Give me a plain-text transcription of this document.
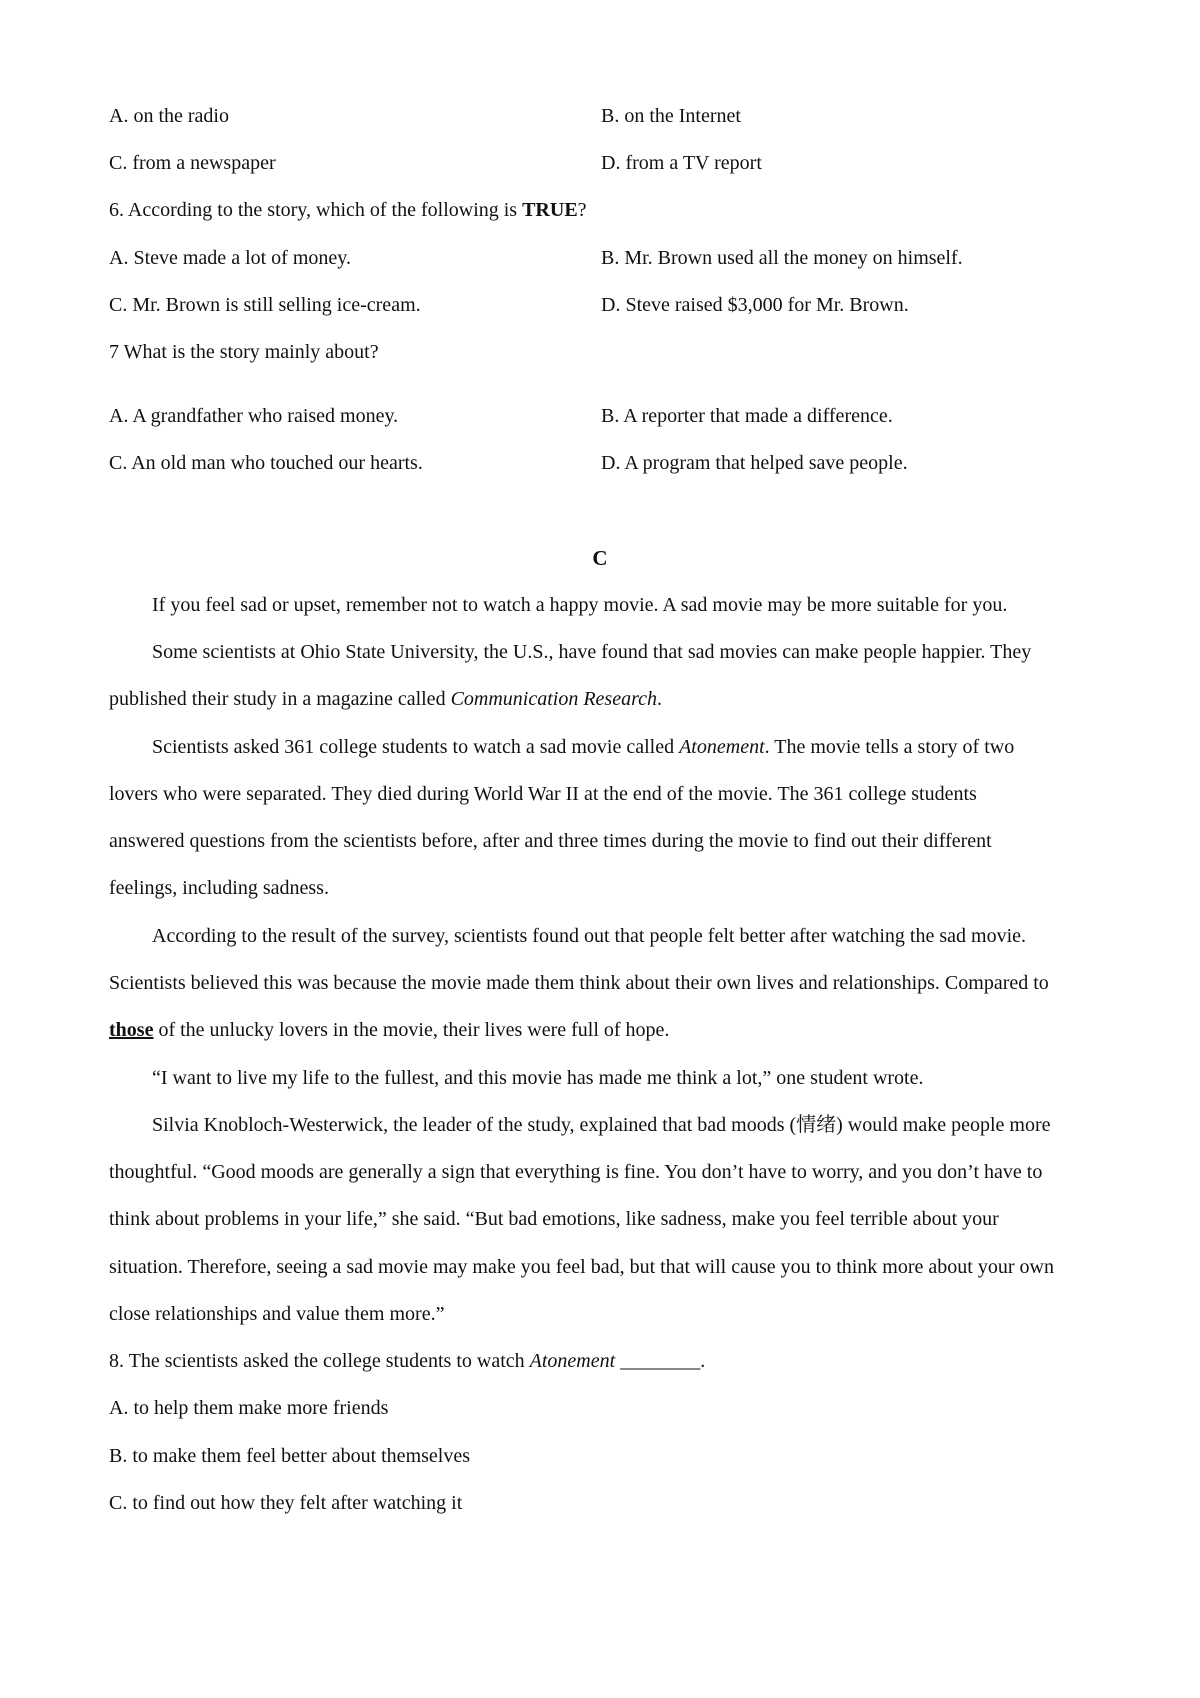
A. on the radio	B. on the Internet
C. from a newspaper	D. from a TV report
6. According to the story, which of the following is TRUE?
A. Steve made a lot of money.	B. Mr. Brown used all the money on himself.
C. Mr. Brown is still selling ice-cream.	D. Steve raised $3,000 for Mr. Brown.
7 What is the story mainly about?
A. A grandfather who raised money.	B. A reporter that made a difference.
C. An old man who touched our hearts.	D. A program that helped save people.
C
If you feel sad or upset, remember not to watch a happy movie. A sad movie may be more suitable for you.
Some scientists at Ohio State University, the U.S., have found that sad movies can make people happier. They
published their study in a magazine called Communication Research.
Scientists asked 361 college students to watch a sad movie called Atonement. The movie tells a story of two
lovers who were separated. They died during World War II at the end of the movie. The 361 college students
answered questions from the scientists before, after and three times during the movie to find out their different
feelings, including sadness.
According to the result of the survey, scientists found out that people felt better after watching the sad movie.
Scientists believed this was because the movie made them think about their own lives and relationships. Compared to
those of the unlucky lovers in the movie, their lives were full of hope.
“I want to live my life to the fullest, and this movie has made me think a lot,” one student wrote.
Silvia Knobloch-Westerwick, the leader of the study, explained that bad moods (情绪) would make people more
thoughtful. “Good moods are generally a sign that everything is fine. You don’t have to worry, and you don’t have to
think about problems in your life,” she said. “But bad emotions, like sadness, make you feel terrible about your
situation. Therefore, seeing a sad movie may make you feel bad, but that will cause you to think more about your own
close relationships and value them more.”
8. The scientists asked the college students to watch Atonement ________.
A. to help them make more friends
B. to make them feel better about themselves
C. to find out how they felt after watching it
